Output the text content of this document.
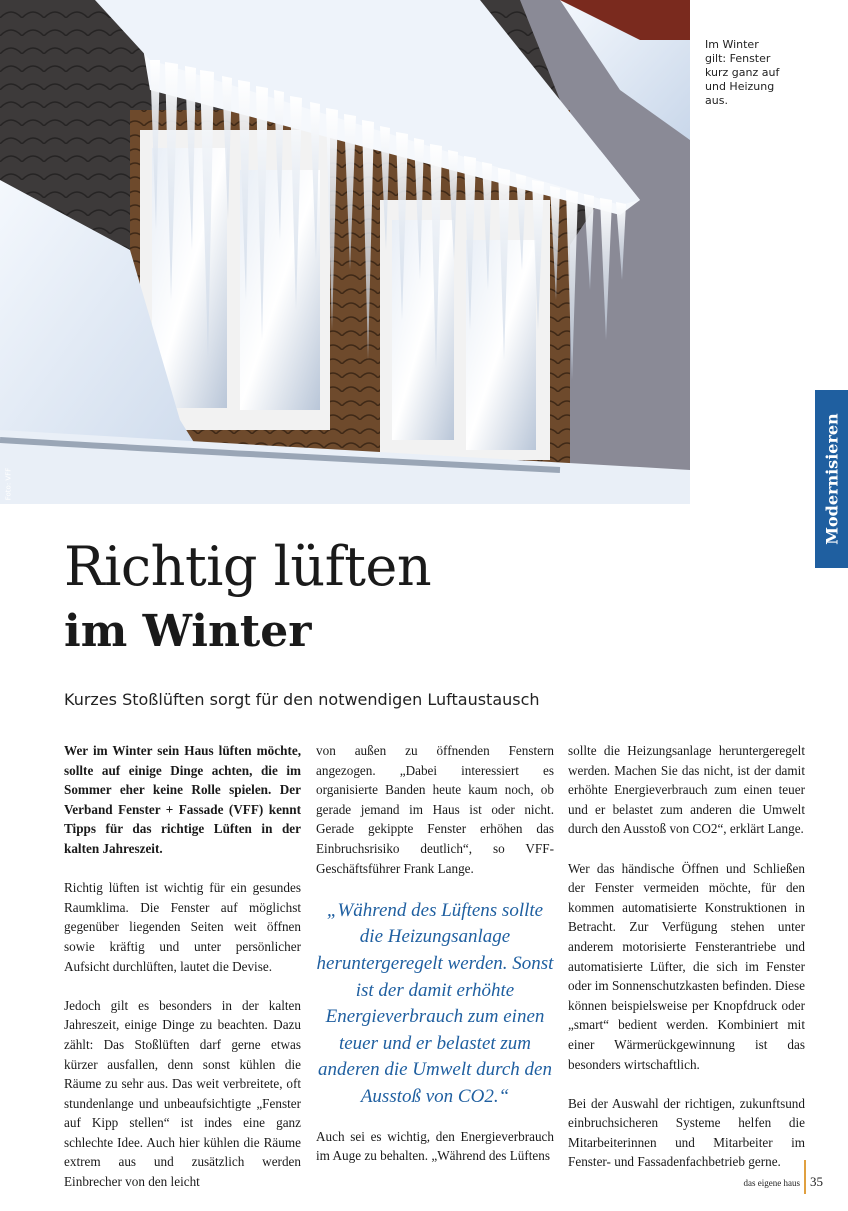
Foto: VFF
Im Winter
gilt: Fenster
kurz ganz auf
und Heizung
aus.
Modernisieren
Richtig lüften
im Winter
Kurzes Stoßlüften sorgt für den notwendigen Luftaustausch

Wer im Winter sein Haus lüften möchte, sollte auf einige Dinge achten, die im Sommer eher keine Rolle spielen. Der Verband Fenster + Fassade (VFF) kennt Tipps für das richtige Lüften in der kalten Jahreszeit.

Richtig lüften ist wichtig für ein gesundes Raumklima. Die Fenster auf möglichst gegenüber liegenden Seiten weit öffnen sowie kräftig und unter persönlicher Aufsicht durchlüften, lautet die Devise.

Jedoch gilt es besonders in der kalten Jahreszeit, einige Dinge zu beachten. Dazu zählt: Das Stoßlüften darf gerne etwas kürzer ausfallen, denn sonst kühlen die Räume zu sehr aus. Das weit verbreitete, oft stundenlange und unbeaufsichtigte „Fenster auf Kipp stellen“ ist indes eine ganz schlechte Idee. Auch hier kühlen die Räume extrem aus und zusätzlich werden Einbrecher von den leicht

von außen zu öffnenden Fenstern angezogen. „Dabei interessiert es organisierte Banden heute kaum noch, ob gerade jemand im Haus ist oder nicht. Gerade gekippte Fenster erhöhen das Einbruchsrisiko deutlich“, so VFF-Geschäftsführer Frank Lange.

„Während des Lüftens sollte die Heizungsanlage heruntergeregelt werden. Sonst ist der damit erhöhte Energieverbrauch zum einen teuer und er belastet zum anderen die Umwelt durch den Ausstoß von CO2.“

Auch sei es wichtig, den Energieverbrauch im Auge zu behalten. „Während des Lüftens

sollte die Heizungsanlage heruntergeregelt werden. Machen Sie das nicht, ist der damit erhöhte Energieverbrauch zum einen teuer und er belastet zum anderen die Umwelt durch den Ausstoß von CO2“, erklärt Lange.

Wer das händische Öffnen und Schließen der Fenster vermeiden möchte, für den kommen automatisierte Konstruktionen in Betracht. Zur Verfügung stehen unter anderem motorisierte Fensterantriebe und automatisierte Lüfter, die sich im Fenster oder im Sonnenschutzkasten befinden. Diese können beispielsweise per Knopfdruck oder „smart“ bedient werden. Kombiniert mit einer Wärmerückgewinnung ist das besonders wirtschaftlich.

Bei der Auswahl der richtigen, zukunftsund einbruchsicheren Systeme helfen die Mitarbeiterinnen und Mitarbeiter im Fenster- und Fassadenfachbetrieb gerne.

das eigene haus 35
